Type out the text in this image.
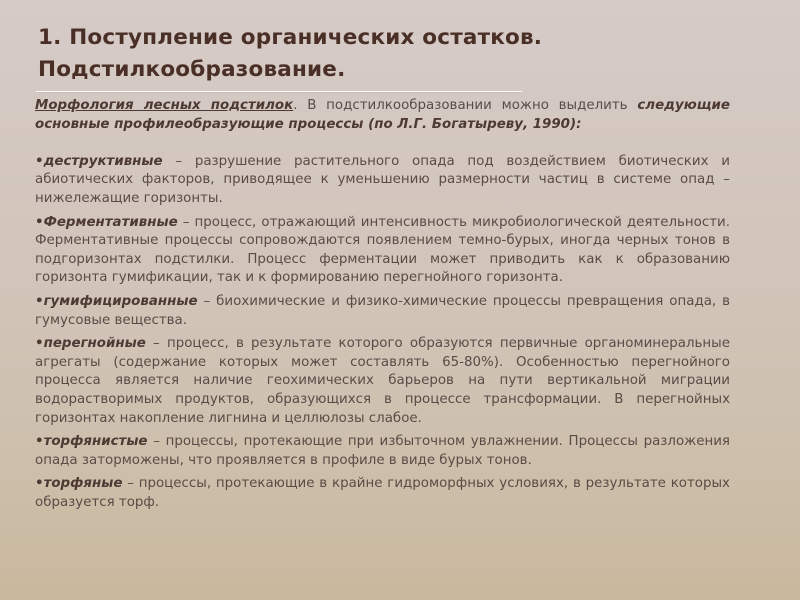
1. Поступление органических остатков.
Подстилкообразование.

Морфология лесных подстилок. В подстилкообразовании можно выделить следующие основные профилеобразующие процессы (по Л.Г. Богатыреву, 1990):

•деструктивные – разрушение растительного опада под воздействием биотических и абиотических факторов, приводящее к уменьшению размерности частиц в системе опад – нижележащие горизонты.

•Ферментативные – процесс, отражающий интенсивность микробиологической деятельности. Ферментативные процессы сопровождаются появлением темно-бурых, иногда черных тонов в подгоризонтах подстилки. Процесс ферментации может приводить как к образованию горизонта гумификации, так и к формированию перегнойного горизонта.

•гумифицированные – биохимические и физико-химические процессы превращения опада, в гумусовые вещества.

•перегнойные – процесс, в результате которого образуются первичные органоминеральные агрегаты (содержание которых может составлять 65-80%). Особенностью перегнойного процесса является наличие геохимических барьеров на пути вертикальной миграции водорастворимых продуктов, образующихся в процессе трансформации. В перегнойных горизонтах накопление лигнина и целлюлозы слабое.

•торфянистые – процессы, протекающие при избыточном увлажнении. Процессы разложения опада заторможены, что проявляется в профиле в виде бурых тонов.

•торфяные – процессы, протекающие в крайне гидроморфных условиях, в результате которых образуется торф.
